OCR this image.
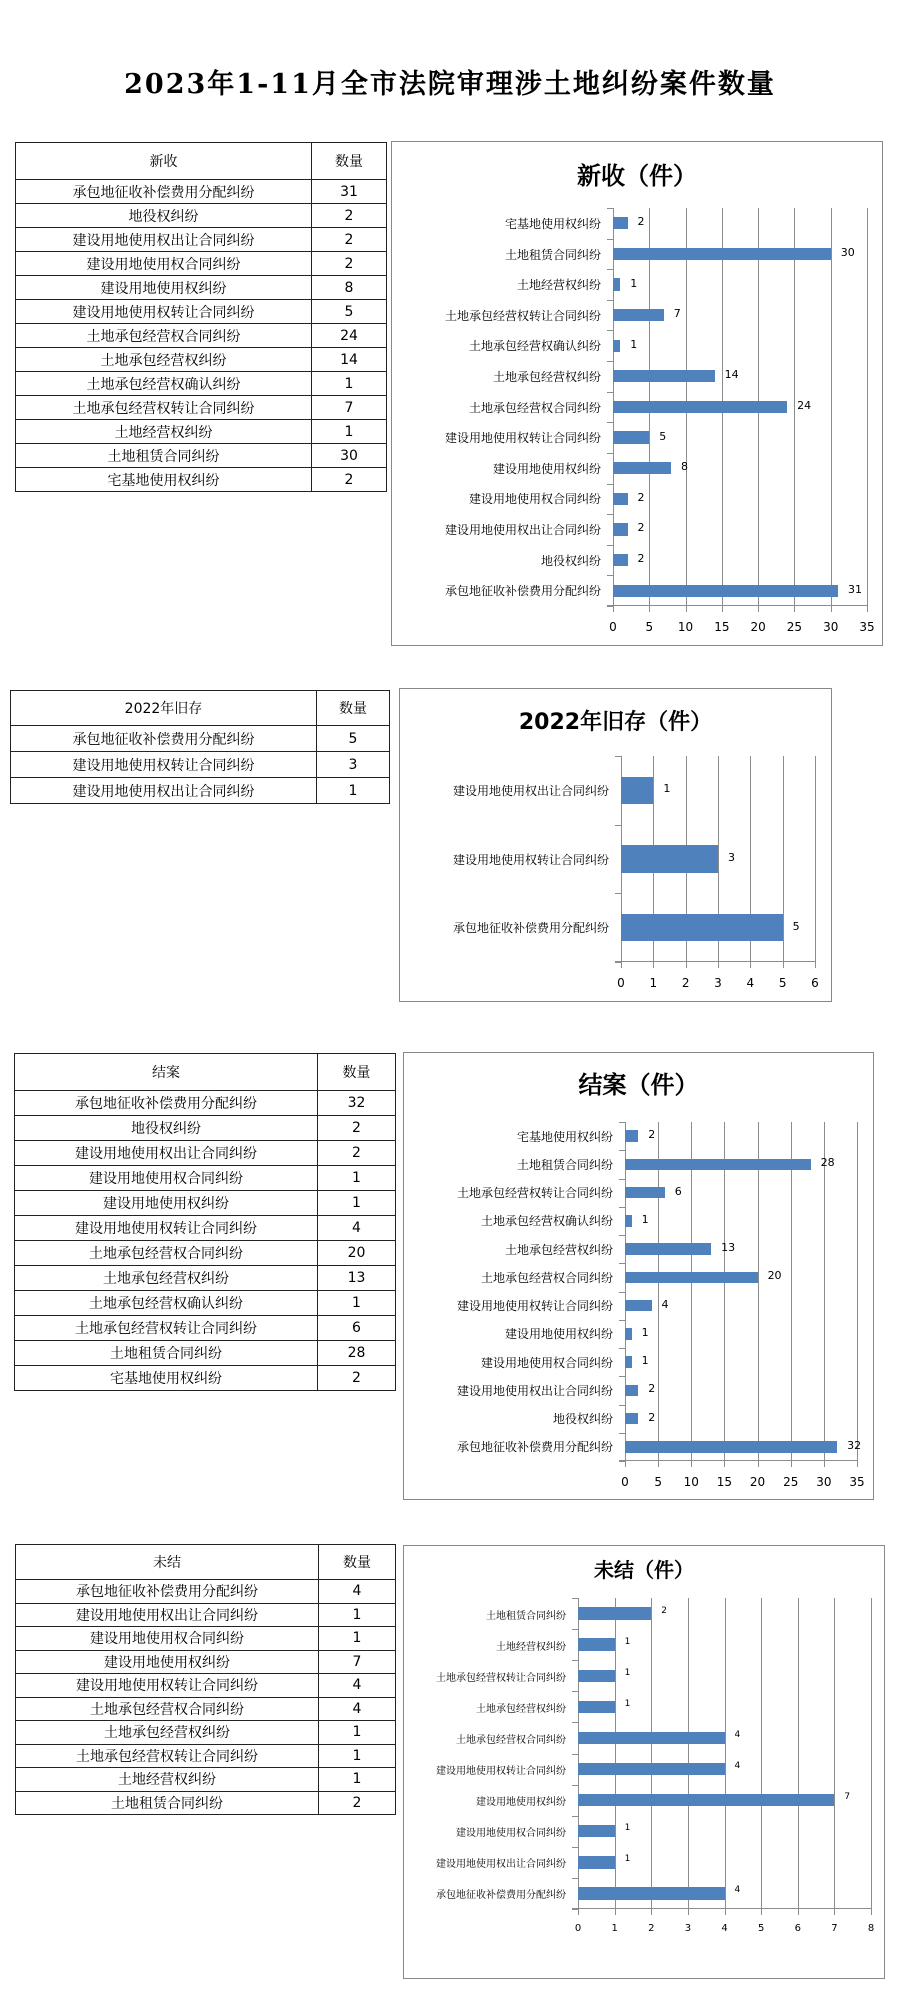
2023年1-11月全市法院审理涉土地纠纷案件数量
新收	数量
承包地征收补偿费用分配纠纷	31
地役权纠纷	2
建设用地使用权出让合同纠纷	2
建设用地使用权合同纠纷	2
建设用地使用权纠纷	8
建设用地使用权转让合同纠纷	5
土地承包经营权合同纠纷	24
土地承包经营权纠纷	14
土地承包经营权确认纠纷	1
土地承包经营权转让合同纠纷	7
土地经营权纠纷	1
土地租赁合同纠纷	30
宅基地使用权纠纷	2
2022年旧存	数量
承包地征收补偿费用分配纠纷	5
建设用地使用权转让合同纠纷	3
建设用地使用权出让合同纠纷	1
结案	数量
承包地征收补偿费用分配纠纷	32
地役权纠纷	2
建设用地使用权出让合同纠纷	2
建设用地使用权合同纠纷	1
建设用地使用权纠纷	1
建设用地使用权转让合同纠纷	4
土地承包经营权合同纠纷	20
土地承包经营权纠纷	13
土地承包经营权确认纠纷	1
土地承包经营权转让合同纠纷	6
土地租赁合同纠纷	28
宅基地使用权纠纷	2
未结	数量
承包地征收补偿费用分配纠纷	4
建设用地使用权出让合同纠纷	1
建设用地使用权合同纠纷	1
建设用地使用权纠纷	7
建设用地使用权转让合同纠纷	4
土地承包经营权合同纠纷	4
土地承包经营权纠纷	1
土地承包经营权转让合同纠纷	1
土地经营权纠纷	1
土地租赁合同纠纷	2
新收（件）
0 5 10 15 20 25 30 35
2
宅基地使用权纠纷
30
土地租赁合同纠纷
1
土地经营权纠纷
7
土地承包经营权转让合同纠纷
1
土地承包经营权确认纠纷
14
土地承包经营权纠纷
24
土地承包经营权合同纠纷
5
建设用地使用权转让合同纠纷
8
建设用地使用权纠纷
2
建设用地使用权合同纠纷
2
建设用地使用权出让合同纠纷
2
地役权纠纷
31
承包地征收补偿费用分配纠纷
2022年旧存（件）
0 1 2 3 4 5 6
1
建设用地使用权出让合同纠纷
3
建设用地使用权转让合同纠纷
5
承包地征收补偿费用分配纠纷
结案（件）
0 5 10 15 20 25 30 35
2
宅基地使用权纠纷
28
土地租赁合同纠纷
6
土地承包经营权转让合同纠纷
1
土地承包经营权确认纠纷
13
土地承包经营权纠纷
20
土地承包经营权合同纠纷
4
建设用地使用权转让合同纠纷
1
建设用地使用权纠纷
1
建设用地使用权合同纠纷
2
建设用地使用权出让合同纠纷
2
地役权纠纷
32
承包地征收补偿费用分配纠纷
未结（件）
0	1	2	3	4	5	6	7	8
2
土地租赁合同纠纷
1
土地经营权纠纷
1
土地承包经营权转让合同纠纷
1
土地承包经营权纠纷
4
土地承包经营权合同纠纷
4
建设用地使用权转让合同纠纷
7
建设用地使用权纠纷
1
建设用地使用权合同纠纷
1
建设用地使用权出让合同纠纷
4
承包地征收补偿费用分配纠纷
